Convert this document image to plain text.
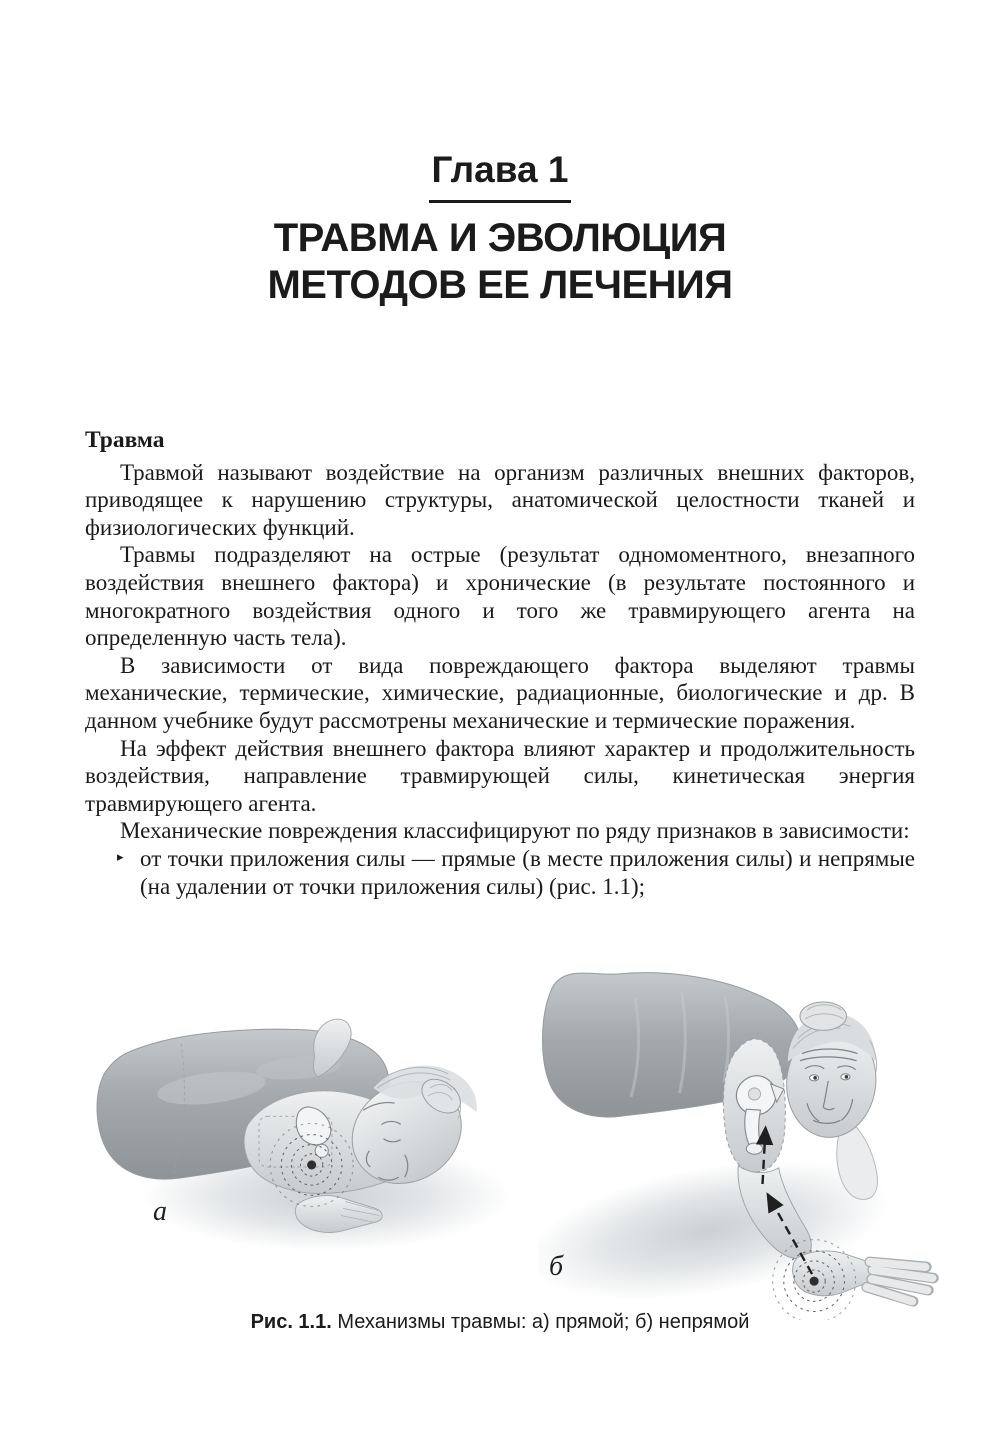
Глава 1
ТРАВМА И ЭВОЛЮЦИЯ
МЕТОДОВ ЕЕ ЛЕЧЕНИЯ
Травма

Травмой называют воздействие на организм различных внешних факторов, приводящее к нарушению структуры, анатомической целостности тканей и физиологических функций.

Травмы подразделяют на острые (результат одномоментного, внезапного воздействия внешнего фактора) и хронические (в результате постоянного и многократного воздействия одного и того же травмирующего агента на определенную часть тела).

В зависимости от вида повреждающего фактора выделяют травмы механические, термические, химические, радиационные, биологические и др. В данном учебнике будут рассмотрены механические и термические поражения.

На эффект действия внешнего фактора влияют характер и продолжительность воздействия, направление травмирующей силы, кинетическая энергия травмирующего агента.

Механические повреждения классифицируют по ряду признаков в зависимости:

▸ от точки приложения силы — прямые (в месте приложения силы) и непрямые (на удалении от точки приложения силы) (рис. 1.1);
а
б
Рис. 1.1. Механизмы травмы: а) прямой; б) непрямой
